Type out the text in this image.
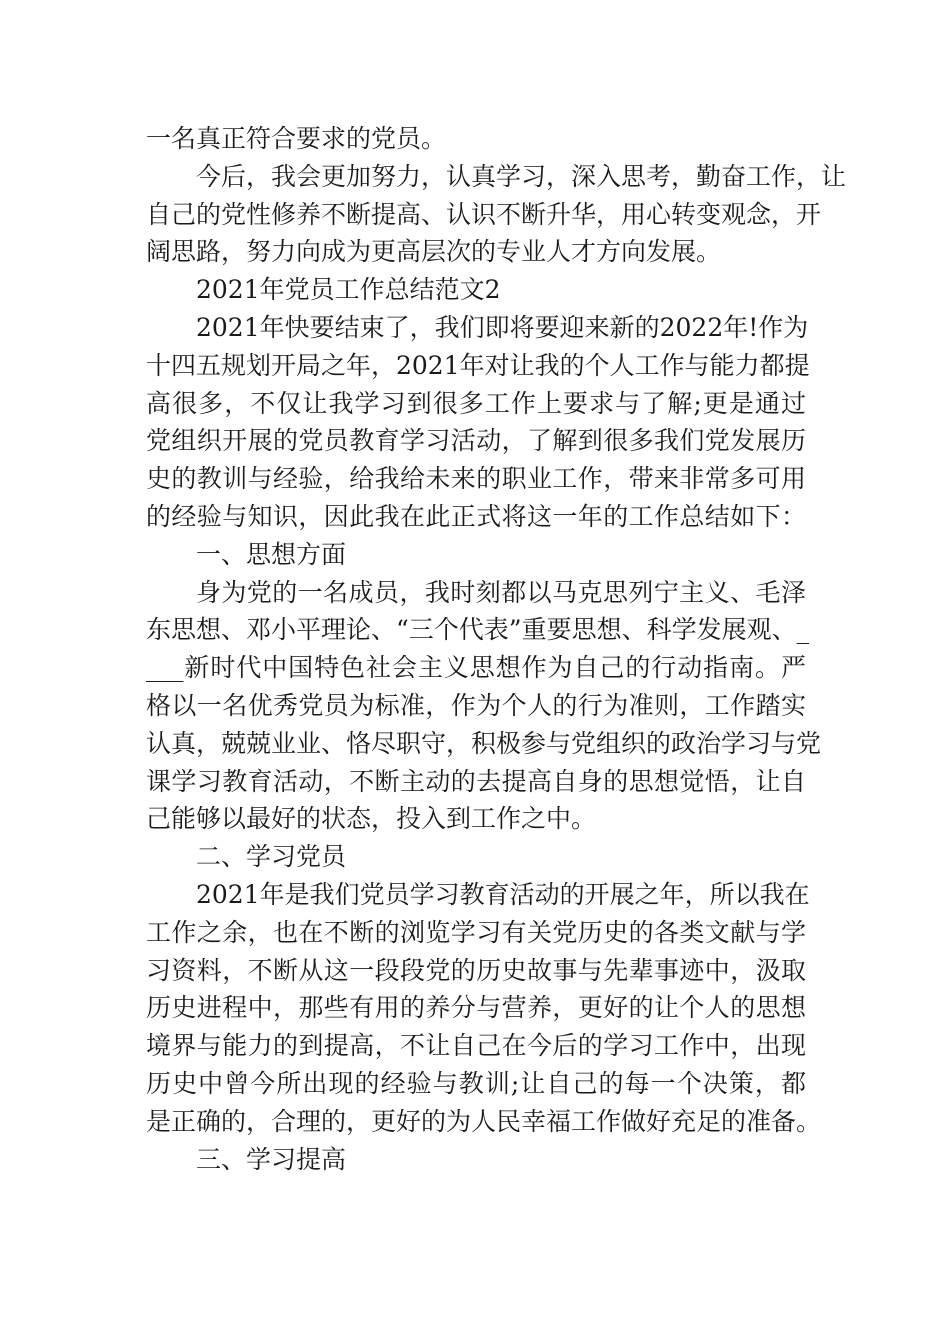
一名真正符合要求的党员。
今后，我会更加努力，认真学习，深入思考，勤奋工作，让
自己的党性修养不断提高、认识不断升华，用心转变观念，开
阔思路，努力向成为更高层次的专业人才方向发展。
2021年党员工作总结范文2
2021年快要结束了，我们即将要迎来新的2022年!作为
十四五规划开局之年，2021年对让我的个人工作与能力都提
高很多，不仅让我学习到很多工作上要求与了解;更是通过
党组织开展的党员教育学习活动，了解到很多我们党发展历
史的教训与经验，给我给未来的职业工作，带来非常多可用
的经验与知识，因此我在此正式将这一年的工作总结如下：
一、思想方面
身为党的一名成员，我时刻都以马克思列宁主义、毛泽
东思想、邓小平理论、“三个代表”重要思想、科学发展观、_
___新时代中国特色社会主义思想作为自己的行动指南。严
格以一名优秀党员为标准，作为个人的行为准则，工作踏实
认真，兢兢业业、恪尽职守，积极参与党组织的政治学习与党
课学习教育活动，不断主动的去提高自身的思想觉悟，让自
己能够以最好的状态，投入到工作之中。
二、学习党员
2021年是我们党员学习教育活动的开展之年，所以我在
工作之余，也在不断的浏览学习有关党历史的各类文献与学
习资料，不断从这一段段党的历史故事与先辈事迹中，汲取
历史进程中，那些有用的养分与营养，更好的让个人的思想
境界与能力的到提高，不让自己在今后的学习工作中，出现
历史中曾今所出现的经验与教训;让自己的每一个决策，都
是正确的，合理的，更好的为人民幸福工作做好充足的准备。
三、学习提高
